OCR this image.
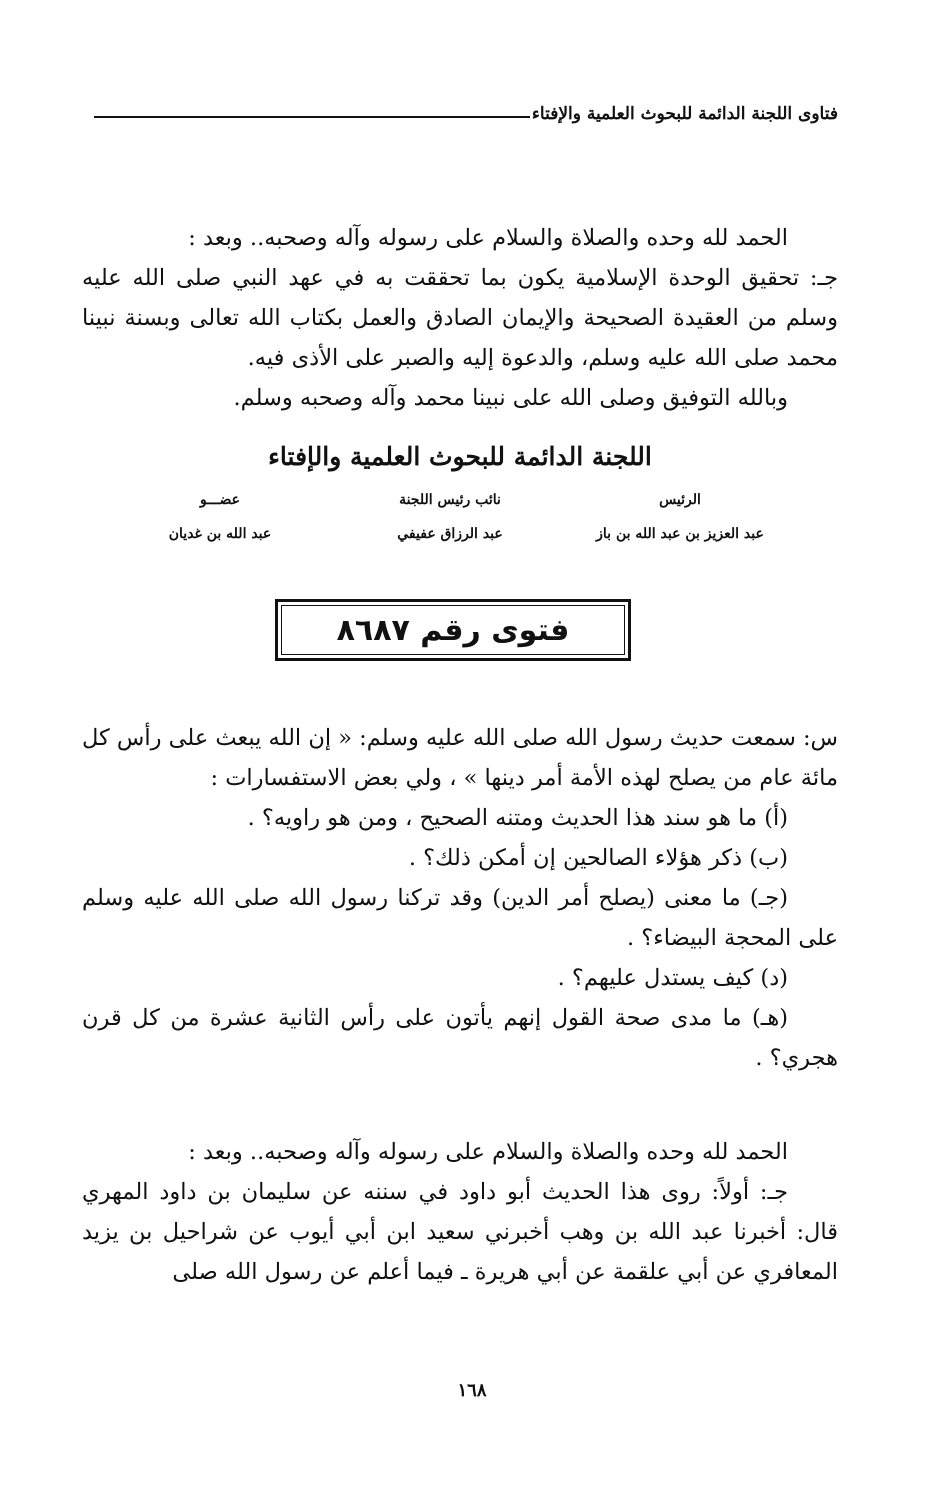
فتاوى اللجنة الدائمة للبحوث العلمية والإفتاء

الحمد لله وحده والصلاة والسلام على رسوله وآله وصحبه.. وبعد :

جـ: تحقيق الوحدة الإسلامية يكون بما تحققت به في عهد النبي صلى الله عليه وسلم من العقيدة الصحيحة والإيمان الصادق والعمل بكتاب الله تعالى وبسنة نبينا محمد صلى الله عليه وسلم، والدعوة إليه والصبر على الأذى فيه.

وبالله التوفيق وصلى الله على نبينا محمد وآله وصحبه وسلم.

اللجنة الدائمة للبحوث العلمية والإفتاء
الرئيس
عبد العزيز بن عبد الله بن باز
نائب رئيس اللجنة
عبد الرزاق عفيفي
عضـــو
عبد الله بن غديان
فتوى رقم ٨٦٨٧

س: سمعت حديث رسول الله صلى الله عليه وسلم: « إن الله يبعث على رأس كل مائة عام من يصلح لهذه الأمة أمر دينها » ، ولي بعض الاستفسارات :

(أ) ما هو سند هذا الحديث ومتنه الصحيح ، ومن هو راويه؟ .

(ب) ذكر هؤلاء الصالحين إن أمكن ذلك؟ .

(جـ) ما معنى (يصلح أمر الدين) وقد تركنا رسول الله صلى الله عليه وسلم على المحجة البيضاء؟ .

(د) كيف يستدل عليهم؟ .

(هـ) ما مدى صحة القول إنهم يأتون على رأس الثانية عشرة من كل قرن هجري؟ .

الحمد لله وحده والصلاة والسلام على رسوله وآله وصحبه.. وبعد :

جـ: أولاً: روى هذا الحديث أبو داود في سننه عن سليمان بن داود المهري قال: أخبرنا عبد الله بن وهب أخبرني سعيد ابن أبي أيوب عن شراحيل بن يزيد المعافري عن أبي علقمة عن أبي هريرة ـ فيما أعلم عن رسول الله صلى

١٦٨
